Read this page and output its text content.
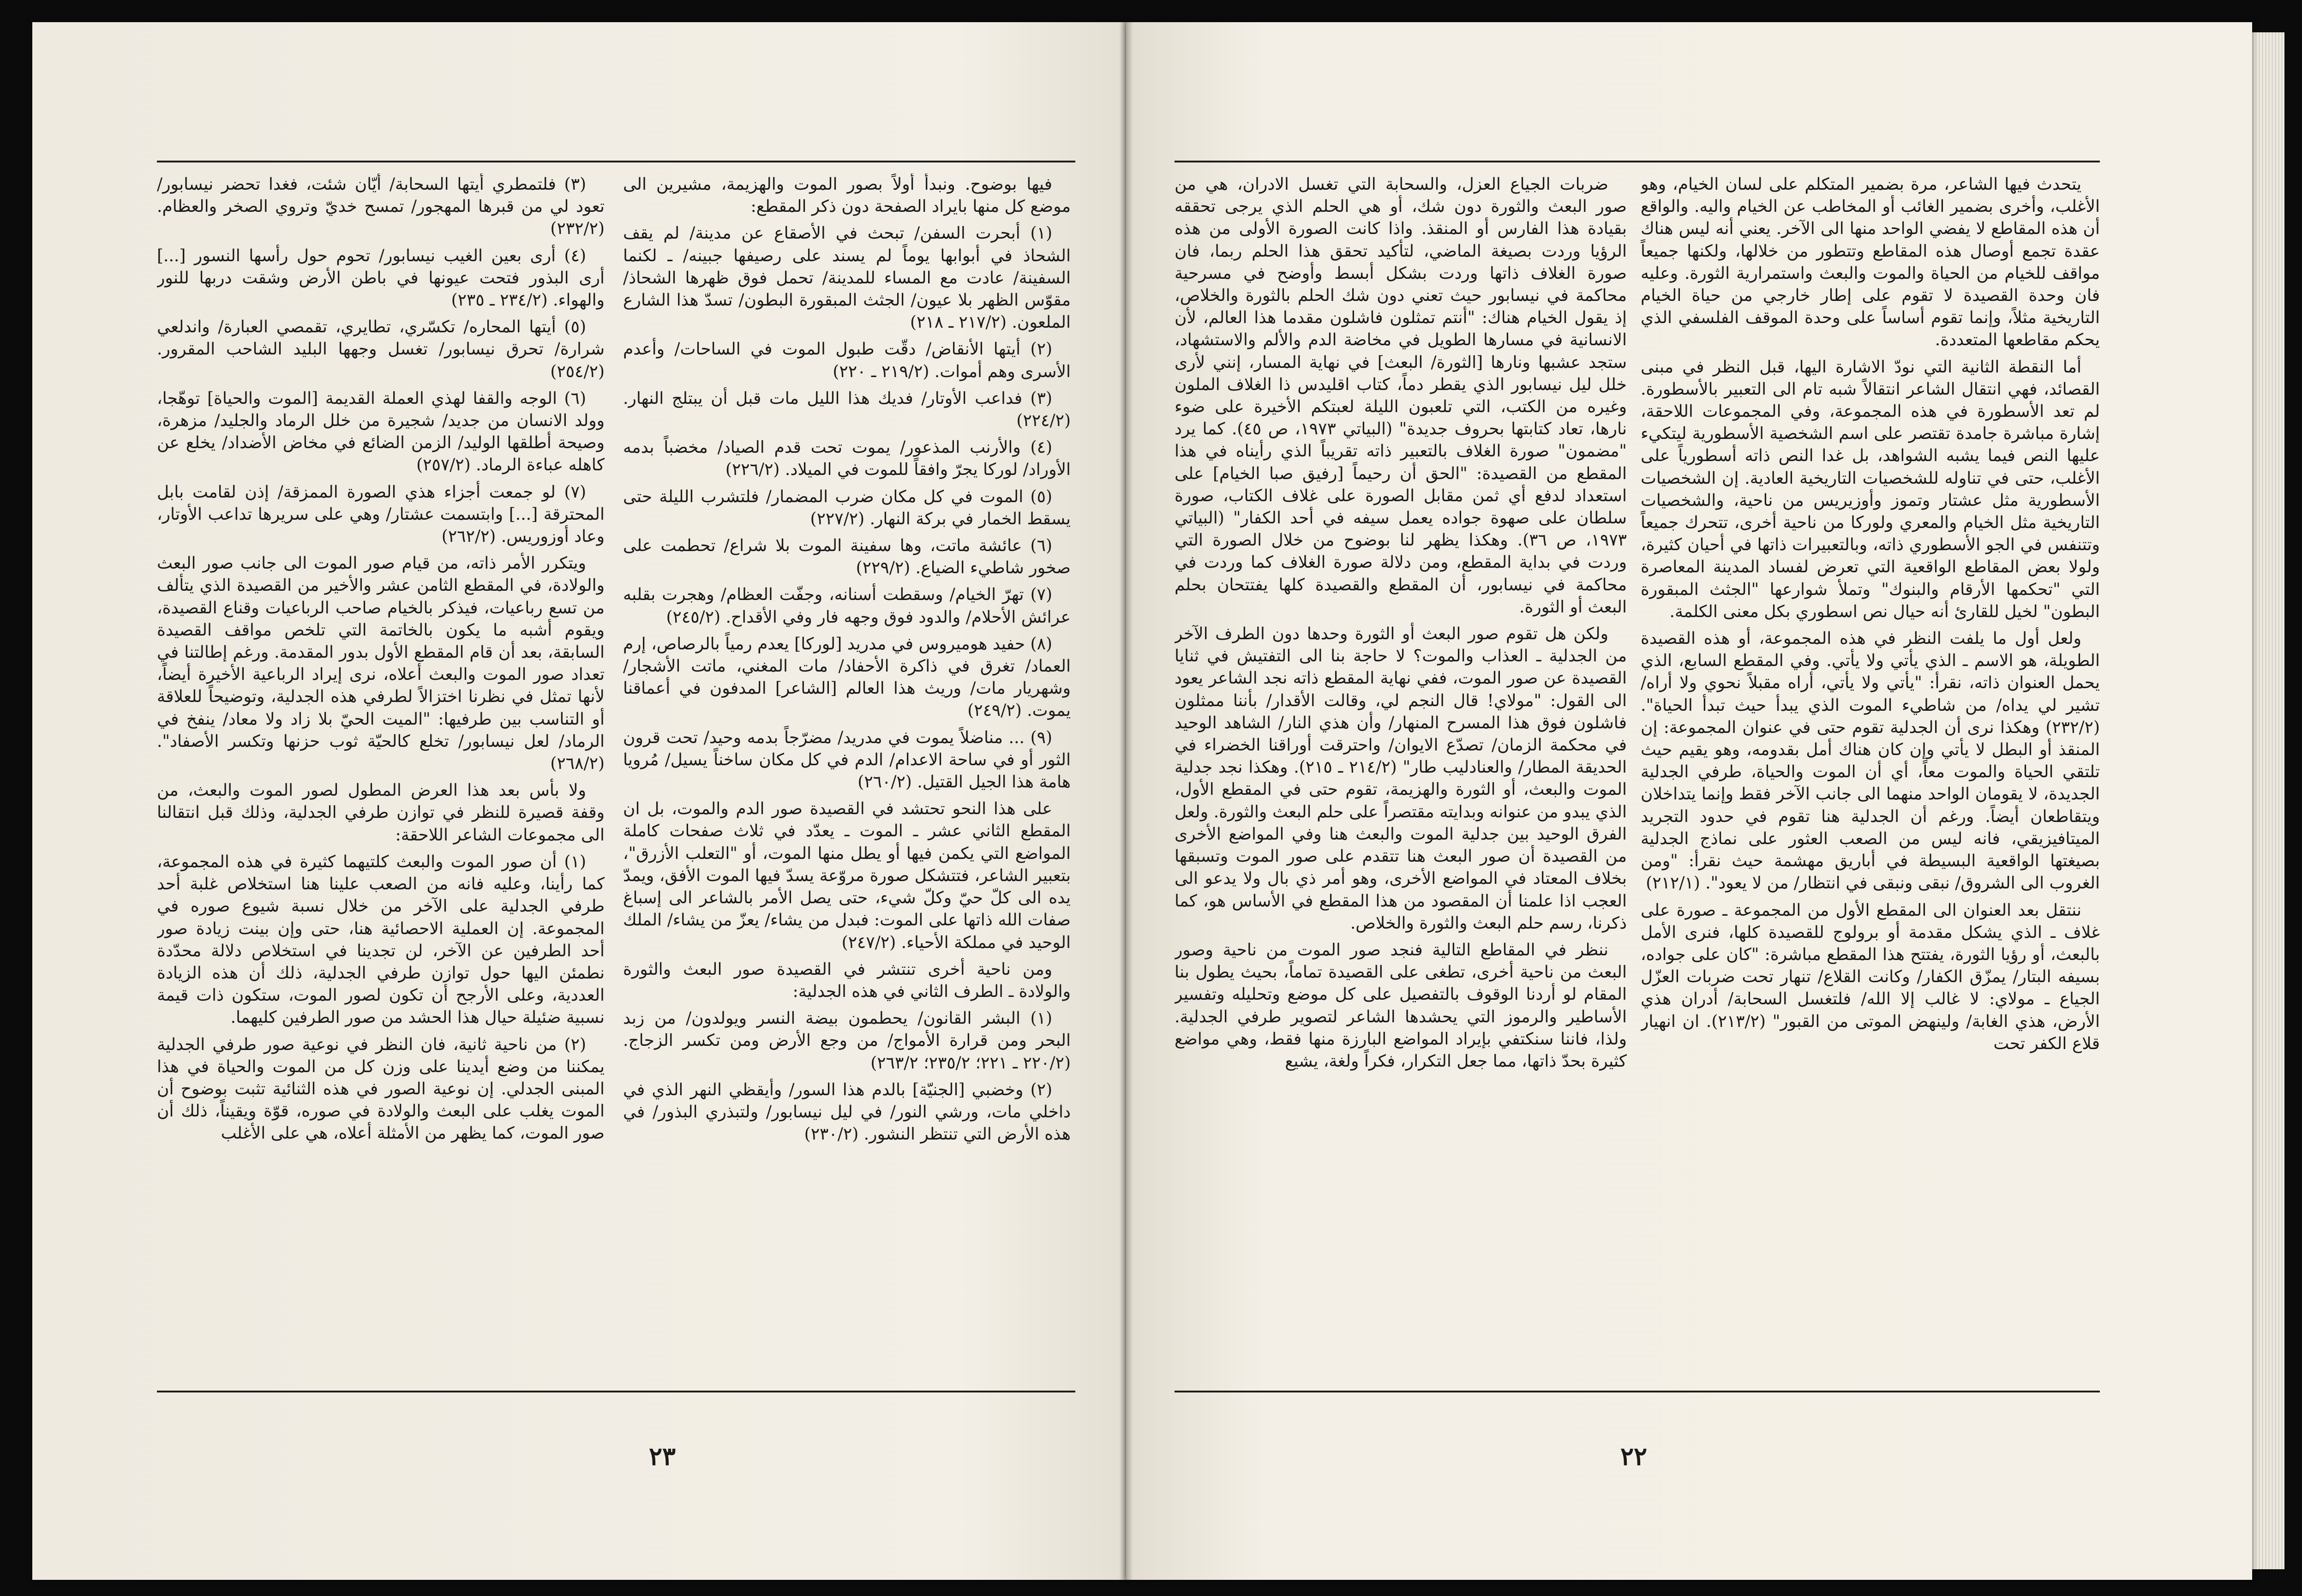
فيها بوضوح. ونبدأ أولاً بصور الموت والهزيمة، مشيرين الى موضع كل منها بايراد الصفحة دون ذكر المقطع:

(١) أبحرت السفن/ تبحث في الأصقاع عن مدينة/ لم يقف الشحاذ في أبوابها يوماً لم يسند على رصيفها جبينه/ ـ لكنما السفينة/ عادت مع المساء للمدينة/ تحمل فوق ظهرها الشحاذ/ مقوّس الظهر بلا عيون/ الجثث المبقورة البطون/ تسدّ هذا الشارع الملعون. (٢١٧/٢ ـ ٢١٨)

(٢) أيتها الأنقاض/ دقّت طبول الموت في الساحات/ وأعدم الأسرى وهم أموات. (٢١٩/٢ ـ ٢٢٠)

(٣) فداعب الأوتار/ فديك هذا الليل مات قبل أن يبتلج النهار. (٢٢٤/٢)

(٤) والأرنب المذعور/ يموت تحت قدم الصياد/ مخضباً بدمه الأوراد/ لوركا يجرّ وافقاً للموت في الميلاد. (٢٢٦/٢)

(٥) الموت في كل مكان ضرب المضمار/ فلتشرب الليلة حتى يسقط الخمار في بركة النهار. (٢٢٧/٢)

(٦) عائشة ماتت، وها سفينة الموت بلا شراع/ تحطمت على صخور شاطيء الضياع. (٢٢٩/٢)

(٧) تهرّ الخيام/ وسقطت أسنانه، وجفّت العظام/ وهجرت بقلبه عرائش الأحلام/ والدود فوق وجهه فار وفي الأقداح. (٢٤٥/٢)

(٨) حفيد هوميروس في مدريد [لوركا] يعدم رمياً بالرصاص، إرم العماد/ تغرق في ذاكرة الأحفاد/ مات المغني، ماتت الأشجار/ وشهريار مات/ وريث هذا العالم [الشاعر] المدفون في أعماقنا يموت. (٢٤٩/٢)

(٩) ... مناضلاً يموت في مدريد/ مضرّجاً بدمه وحيد/ تحت قرون الثور أو في ساحة الاعدام/ الدم في كل مكان ساخناً يسيل/ مُرويا هامة هذا الجيل القتيل. (٢٦٠/٢)

على هذا النحو تحتشد في القصيدة صور الدم والموت، بل ان المقطع الثاني عشر ـ الموت ـ يعدّد في ثلاث صفحات كاملة المواضع التي يكمن فيها أو يطل منها الموت، أو "التعلب الأزرق"، بتعبير الشاعر، فتتشكل صورة مروّعة يسدّ فيها الموت الأفق، ويمدّ يده الى كلّ حيّ وكلّ شيء، حتى يصل الأمر بالشاعر الى إسباغ صفات الله ذاتها على الموت: فبدل من يشاء/ يعزّ من يشاء/ الملك الوحيد في مملكة الأحياء. (٢٤٧/٢)

ومن ناحية أخرى تنتشر في القصيدة صور البعث والثورة والولادة ـ الطرف الثاني في هذه الجدلية:

(١) البشر القانون/ يحطمون بيضة النسر ويولدون/ من زبد البحر ومن قرارة الأمواج/ من وجع الأرض ومن تكسر الزجاج. (٢٢٠/٢ ـ ٢٢١؛ ٢٣٥/٢؛ ٢٦٣/٢)

(٢) وخضبي [الجنيّة] بالدم هذا السور/ وأيقظي النهر الذي في داخلي مات، ورشي النور/ في ليل نيسابور/ ولتبذري البذور/ في هذه الأرض التي تنتظر النشور. (٢٣٠/٢)

(٣) فلتمطري أيتها السحابة/ أيّان شئت، فغدا تحضر نيسابور/ تعود لي من قبرها المهجور/ تمسح خديّ وتروي الصخر والعظام. (٢٣٢/٢)

(٤) أرى بعين الغيب نيسابور/ تحوم حول رأسها النسور [...] أرى البذور فتحت عيونها في باطن الأرض وشقت دربها للنور والهواء. (٢٣٤/٢ ـ ٢٣٥)

(٥) أيتها المحاره/ تكسّري، تطايري، تقمصي العبارة/ واندلعي شرارة/ تحرق نيسابور/ تغسل وجهها البليد الشاحب المقرور. (٢٥٤/٢)

(٦) الوجه والقفا لهذي العملة القديمة [الموت والحياة] توهّجا، وولد الانسان من جديد/ شجيرة من خلل الرماد والجليد/ مزهرة، وصيحة أطلقها الوليد/ الزمن الضائع في مخاض الأضداد/ يخلع عن كاهله عباءة الرماد. (٢٥٧/٢)

(٧) لو جمعت أجزاء هذي الصورة الممزقة/ إذن لقامت بابل المحترقة [...] وابتسمت عشتار/ وهي على سريرها تداعب الأوتار، وعاد أوزوريس. (٢٦٢/٢)

ويتكرر الأمر ذاته، من قيام صور الموت الى جانب صور البعث والولادة، في المقطع الثامن عشر والأخير من القصيدة الذي يتألف من تسع رباعيات، فيذكر بالخيام صاحب الرباعيات وقناع القصيدة، ويقوم أشبه ما يكون بالخاتمة التي تلخص مواقف القصيدة السابقة، بعد أن قام المقطع الأول بدور المقدمة. ورغم إطالتنا في تعداد صور الموت والبعث أعلاه، نرى إيراد الرباعية الأخيرة أيضاً، لأنها تمثل في نظرنا اختزالاً لطرفي هذه الجدلية، وتوضيحاً للعلاقة أو التناسب بين طرفيها: "الميت الحيّ بلا زاد ولا معاد/ ينفخ في الرماد/ لعل نيسابور/ تخلع كالحيّة ثوب حزنها وتكسر الأصفاد". (٢٦٨/٢)

ولا بأس بعد هذا العرض المطول لصور الموت والبعث، من وقفة قصيرة للنظر في توازن طرفي الجدلية، وذلك قبل انتقالنا الى مجموعات الشاعر اللاحقة:

(١) أن صور الموت والبعث كلتيهما كثيرة في هذه المجموعة، كما رأينا، وعليه فانه من الصعب علينا هنا استخلاص غلبة أحد طرفي الجدلية على الآخر من خلال نسبة شيوع صوره في المجموعة. إن العملية الاحصائية هنا، حتى وإن بينت زيادة صور أحد الطرفين عن الآخر، لن تجدينا في استخلاص دلالة محدّدة نطمئن اليها حول توازن طرفي الجدلية، ذلك أن هذه الزيادة العددية، وعلى الأرجح أن تكون لصور الموت، ستكون ذات قيمة نسبية ضئيلة حيال هذا الحشد من صور الطرفين كليهما.

(٢) من ناحية ثانية، فان النظر في نوعية صور طرفي الجدلية يمكننا من وضع أيدينا على وزن كل من الموت والحياة في هذا المبنى الجدلي. إن نوعية الصور في هذه الثنائية تثبت بوضوح أن الموت يغلب على البعث والولادة في صوره، قوّة ويقيناً، ذلك أن صور الموت، كما يظهر من الأمثلة أعلاه، هي على الأغلب

٢٣

يتحدث فيها الشاعر، مرة بضمير المتكلم على لسان الخيام، وهو الأغلب، وأخرى بضمير الغائب أو المخاطب عن الخيام واليه. والواقع أن هذه المقاطع لا يفضي الواحد منها الى الآخر. يعني أنه ليس هناك عقدة تجمع أوصال هذه المقاطع وتتطور من خلالها، ولكنها جميعاً مواقف للخيام من الحياة والموت والبعث واستمرارية الثورة. وعليه فان وحدة القصيدة لا تقوم على إطار خارجي من حياة الخيام التاريخية مثلاً، وإنما تقوم أساساً على وحدة الموقف الفلسفي الذي يحكم مقاطعها المتعددة.

أما النقطة الثانية التي نودّ الاشارة اليها، قبل النظر في مبنى القصائد، فهي انتقال الشاعر انتقالاً شبه تام الى التعبير بالأسطورة. لم تعد الأسطورة في هذه المجموعة، وفي المجموعات اللاحقة، إشارة مباشرة جامدة تقتصر على اسم الشخصية الأسطورية ليتكيء عليها النص فيما يشبه الشواهد، بل غدا النص ذاته أسطورياً على الأغلب، حتى في تناوله للشخصيات التاريخية العادية. إن الشخصيات الأسطورية مثل عشتار وتموز وأوزيريس من ناحية، والشخصيات التاريخية مثل الخيام والمعري ولوركا من ناحية أخرى، تتحرك جميعاً وتتنفس في الجو الأسطوري ذاته، وبالتعبيرات ذاتها في أحيان كثيرة، ولولا بعض المقاطع الواقعية التي تعرض لفساد المدينة المعاصرة التي "تحكمها الأرقام والبنوك" وتملأ شوارعها "الجثث المبقورة البطون" لخيل للقارئ أنه حيال نص اسطوري بكل معنى الكلمة.

ولعل أول ما يلفت النظر في هذه المجموعة، أو هذه القصيدة الطويلة، هو الاسم ـ الذي يأتي ولا يأتي. وفي المقطع السابع، الذي يحمل العنوان ذاته، نقرأ: "يأتي ولا يأتي، أراه مقبلاً نحوي ولا أراه/ تشير لي يداه/ من شاطيء الموت الذي يبدأ حيث تبدأ الحياة". (٢٣٢/٢) وهكذا نرى أن الجدلية تقوم حتى في عنوان المجموعة: إن المنقذ أو البطل لا يأتي وإن كان هناك أمل بقدومه، وهو يقيم حيث تلتقي الحياة والموت معاً، أي أن الموت والحياة، طرفي الجدلية الجديدة، لا يقومان الواحد منهما الى جانب الآخر فقط وإنما يتداخلان ويتقاطعان أيضاً. ورغم أن الجدلية هنا تقوم في حدود التجريد الميتافيزيقي، فانه ليس من الصعب العثور على نماذج الجدلية بصيغتها الواقعية البسيطة في أباريق مهشمة حيث نقرأ: "ومن الغروب الى الشروق/ نبقى ونبقى في انتظار/ من لا يعود". (٢١٢/١)

ننتقل بعد العنوان الى المقطع الأول من المجموعة ـ صورة على غلاف ـ الذي يشكل مقدمة أو برولوج للقصيدة كلها، فنرى الأمل بالبعث، أو رؤيا الثورة، يفتتح هذا المقطع مباشرة: "كان على جواده، بسيفه البتار/ يمزّق الكفار/ وكانت القلاع/ تنهار تحت ضربات العزّل الجياع ـ مولاي: لا غالب إلا الله/ فلتغسل السحابة/ أدران هذي الأرض، هذي الغابة/ ولينهض الموتى من القبور" (٢١٣/٢). ان انهيار قلاع الكفر تحت

ضربات الجياع العزل، والسحابة التي تغسل الادران، هي من صور البعث والثورة دون شك، أو هي الحلم الذي يرجى تحققه بقيادة هذا الفارس أو المنقذ. واذا كانت الصورة الأولى من هذه الرؤيا وردت بصيغة الماضي، لتأكيد تحقق هذا الحلم ربما، فان صورة الغلاف ذاتها وردت بشكل أبسط وأوضح في مسرحية محاكمة في نيسابور حيث تعني دون شك الحلم بالثورة والخلاص، إذ يقول الخيام هناك: "أنتم تمثلون فاشلون مقدما هذا العالم، لأن الانسانية في مسارها الطويل في مخاضة الدم والألم والاستشهاد، ستجد عشبها ونارها [الثورة/ البعث] في نهاية المسار، إنني لأرى خلل ليل نيسابور الذي يقطر دماً، كتاب اقليدس ذا الغلاف الملون وغيره من الكتب، التي تلعبون الليلة لعبتكم الأخيرة على ضوء نارها، تعاد كتابتها بحروف جديدة" (البياتي ١٩٧٣، ص ٤٥). كما يرد "مضمون" صورة الغلاف بالتعبير ذاته تقريباً الذي رأيناه في هذا المقطع من القصيدة: "الحق أن رحيماً [رفيق صبا الخيام] على استعداد لدفع أي ثمن مقابل الصورة على غلاف الكتاب، صورة سلطان على صهوة جواده يعمل سيفه في أحد الكفار" (البياتي ١٩٧٣، ص ٣٦). وهكذا يظهر لنا بوضوح من خلال الصورة التي وردت في بداية المقطع، ومن دلالة صورة الغلاف كما وردت في محاكمة في نيسابور، أن المقطع والقصيدة كلها يفتتحان بحلم البعث أو الثورة.

ولكن هل تقوم صور البعث أو الثورة وحدها دون الطرف الآخر من الجدلية ـ العذاب والموت؟ لا حاجة بنا الى التفتيش في ثنايا القصيدة عن صور الموت، ففي نهاية المقطع ذاته نجد الشاعر يعود الى القول: "مولاي! قال النجم لي، وقالت الأقدار/ بأننا ممثلون فاشلون فوق هذا المسرح المنهار/ وأن هذي النار/ الشاهد الوحيد في محكمة الزمان/ تصدّع الايوان/ واحترقت أوراقنا الخضراء في الحديقة المطار/ والعنادليب طار" (٢١٤/٢ ـ ٢١٥). وهكذا نجد جدلية الموت والبعث، أو الثورة والهزيمة، تقوم حتى في المقطع الأول، الذي يبدو من عنوانه وبدايته مقتصراً على حلم البعث والثورة. ولعل الفرق الوحيد بين جدلية الموت والبعث هنا وفي المواضع الأخرى من القصيدة أن صور البعث هنا تتقدم على صور الموت وتسبقها بخلاف المعتاد في المواضع الأخرى، وهو أمر ذي بال ولا يدعو الى العجب اذا علمنا أن المقصود من هذا المقطع في الأساس هو، كما ذكرنا، رسم حلم البعث والثورة والخلاص.

ننظر في المقاطع التالية فنجد صور الموت من ناحية وصور البعث من ناحية أخرى، تطغى على القصيدة تماماً، بحيث يطول بنا المقام لو أردنا الوقوف بالتفصيل على كل موضع وتحليله وتفسير الأساطير والرموز التي يحشدها الشاعر لتصوير طرفي الجدلية. ولذا، فاننا سنكتفي بإيراد المواضع البارزة منها فقط، وهي مواضع كثيرة بحدّ ذاتها، مما جعل التكرار، فكراً ولغة، يشيع

٢٢
